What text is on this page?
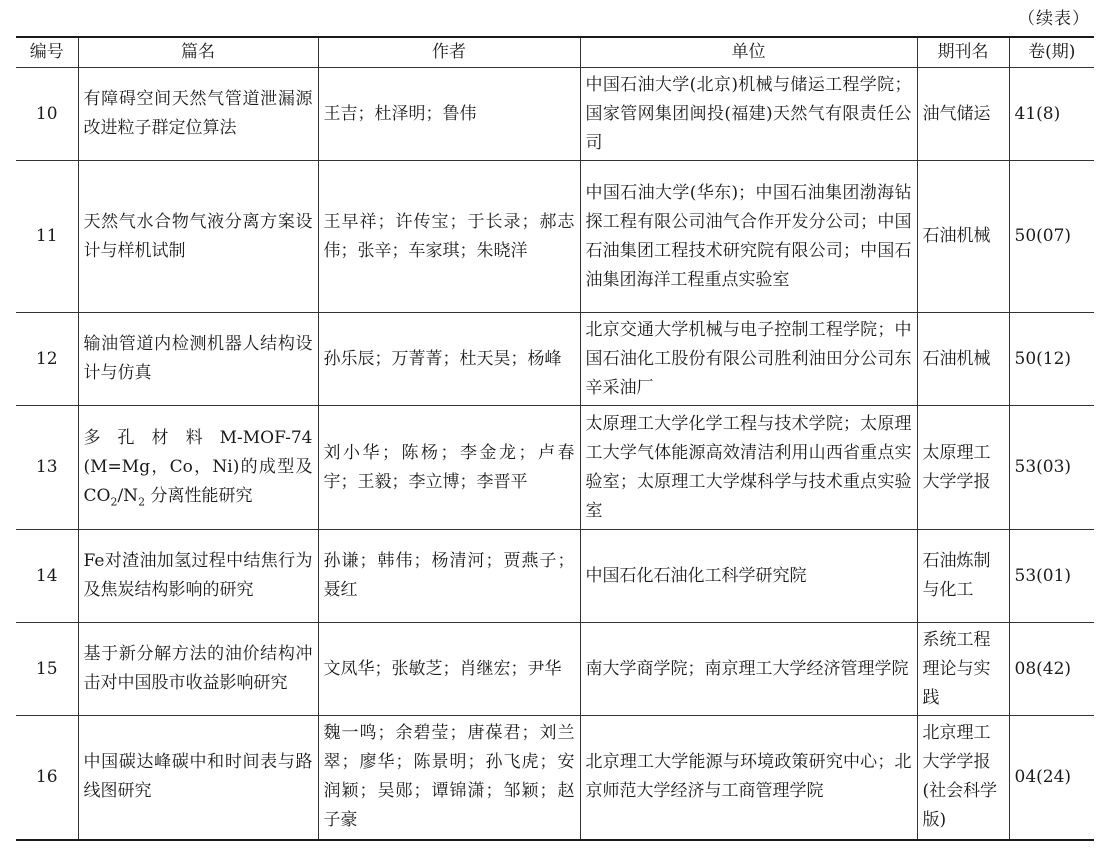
（续表）
编号	篇名	作者	单位	期刊名	卷(期)
10	有障碍空间天然气管道泄漏源改进粒子群定位算法	王吉；杜泽明；鲁伟	中国石油大学(北京)机械与储运工程学院；国家管网集团闽投(福建)天然气有限责任公司	油气储运	41(8)
11	天然气水合物气液分离方案设计与样机试制	王早祥；许传宝；于长录；郝志伟；张辛；车家琪；朱晓洋	中国石油大学(华东)；中国石油集团渤海钻探工程有限公司油气合作开发分公司；中国石油集团工程技术研究院有限公司；中国石油集团海洋工程重点实验室	石油机械	50(07)
12	输油管道内检测机器人结构设计与仿真	孙乐辰；万菁菁；杜天昊；杨峰	北京交通大学机械与电子控制工程学院；中国石油化工股份有限公司胜利油田分公司东辛采油厂	石油机械	50(12)
13	多孔材料M-MOF-74 (M=Mg，Co，Ni)的成型及$CO_2/N_2$ 分离性能研究	刘小华；陈杨；李金龙；卢春宇；王毅；李立博；李晋平	太原理工大学化学工程与技术学院；太原理工大学气体能源高效清洁利用山西省重点实验室；太原理工大学煤科学与技术重点实验室	太原理工大学学报	53(03)
14	Fe对渣油加氢过程中结焦行为及焦炭结构影响的研究	孙谦；韩伟；杨清河；贾燕子；聂红	中国石化石油化工科学研究院	石油炼制与化工	53(01)
15	基于新分解方法的油价结构冲击对中国股市收益影响研究	文凤华；张敏芝；肖继宏；尹华	南大学商学院；南京理工大学经济管理学院	系统工程理论与实践	08(42)
16	中国碳达峰碳中和时间表与路线图研究	魏一鸣；余碧莹；唐葆君；刘兰翠；廖华；陈景明；孙飞虎；安润颖；吴郧；谭锦潇；邹颖；赵子豪	北京理工大学能源与环境政策研究中心；北京师范大学经济与工商管理学院	北京理工大学学报(社会科学版)	04(24)
